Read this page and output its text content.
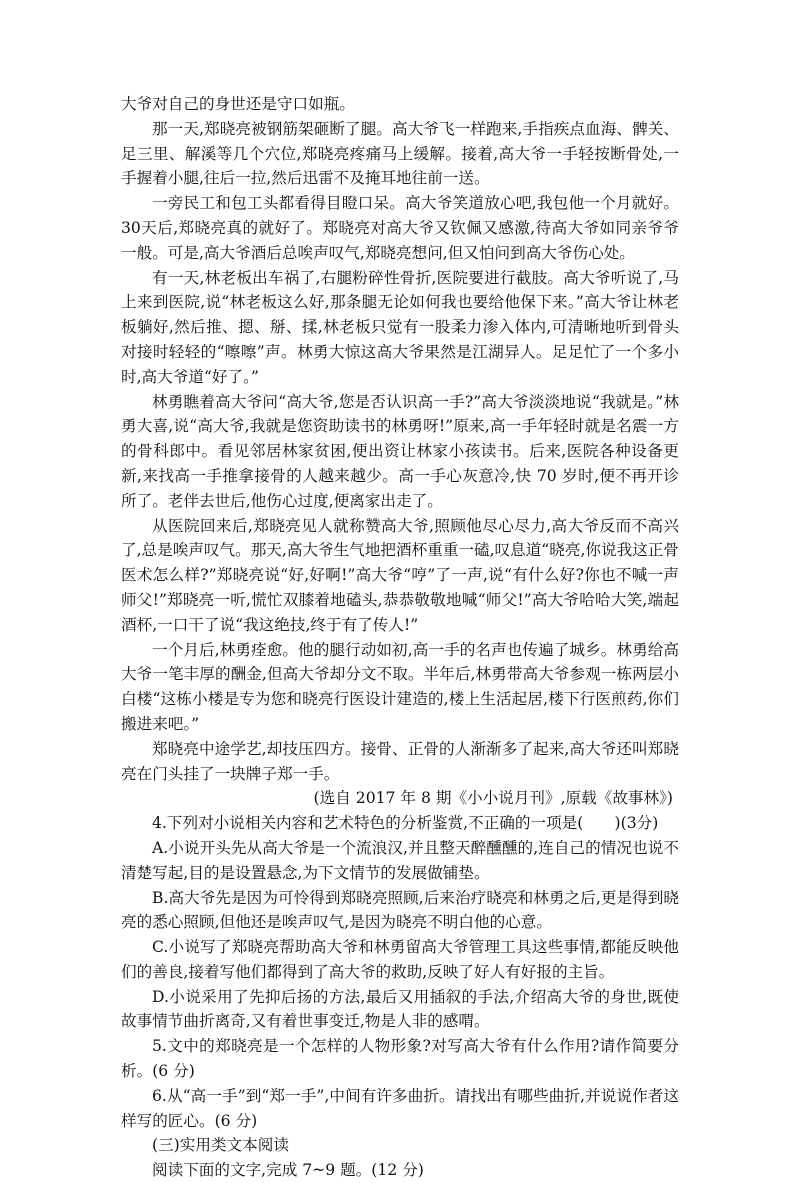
大爷对自己的身世还是守口如瓶。

那一天,郑晓亮被钢筋架砸断了腿。高大爷飞一样跑来,手指疾点血海、髀关、足三里、解溪等几个穴位,郑晓亮疼痛马上缓解。接着,高大爷一手轻按断骨处,一手握着小腿,往后一拉,然后迅雷不及掩耳地往前一送。

一旁民工和包工头都看得目瞪口呆。高大爷笑道放心吧,我包他一个月就好。30天后,郑晓亮真的就好了。郑晓亮对高大爷又钦佩又感激,待高大爷如同亲爷爷一般。可是,高大爷酒后总唉声叹气,郑晓亮想问,但又怕问到高大爷伤心处。

有一天,林老板出车祸了,右腿粉碎性骨折,医院要进行截肢。高大爷听说了,马上来到医院,说“林老板这么好,那条腿无论如何我也要给他保下来。”高大爷让林老板躺好,然后推、摁、掰、揉,林老板只觉有一股柔力渗入体内,可清晰地听到骨头对接时轻轻的“嚓嚓”声。林勇大惊这高大爷果然是江湖异人。足足忙了一个多小时,高大爷道“好了。”

林勇瞧着高大爷问“高大爷,您是否认识高一手?”高大爷淡淡地说“我就是。”林勇大喜,说“高大爷,我就是您资助读书的林勇呀!”原来,高一手年轻时就是名震一方的骨科郎中。看见邻居林家贫困,便出资让林家小孩读书。后来,医院各种设备更新,来找高一手推拿接骨的人越来越少。高一手心灰意冷,快 70 岁时,便不再开诊所了。老伴去世后,他伤心过度,便离家出走了。

从医院回来后,郑晓亮见人就称赞高大爷,照顾他尽心尽力,高大爷反而不高兴了,总是唉声叹气。那天,高大爷生气地把酒杯重重一磕,叹息道“晓亮,你说我这正骨医术怎么样?”郑晓亮说“好,好啊!”高大爷“哼”了一声,说“有什么好?你也不喊一声师父!”郑晓亮一听,慌忙双膝着地磕头,恭恭敬敬地喊“师父!”高大爷哈哈大笑,端起酒杯,一口干了说“我这绝技,终于有了传人!”

一个月后,林勇痊愈。他的腿行动如初,高一手的名声也传遍了城乡。林勇给高大爷一笔丰厚的酬金,但高大爷却分文不取。半年后,林勇带高大爷参观一栋两层小白楼“这栋小楼是专为您和晓亮行医设计建造的,楼上生活起居,楼下行医煎药,你们搬进来吧。”

郑晓亮中途学艺,却技压四方。接骨、正骨的人渐渐多了起来,高大爷还叫郑晓亮在门头挂了一块牌子郑一手。

(选自 2017 年 8 期《小小说月刊》,原载《故事林》)

4.下列对小说相关内容和艺术特色的分析鉴赏,不正确的一项是(　　)(3分)

A.小说开头先从高大爷是一个流浪汉,并且整天醉醺醺的,连自己的情况也说不清楚写起,目的是设置悬念,为下文情节的发展做铺垫。

B.高大爷先是因为可怜得到郑晓亮照顾,后来治疗晓亮和林勇之后,更是得到晓亮的悉心照顾,但他还是唉声叹气,是因为晓亮不明白他的心意。

C.小说写了郑晓亮帮助高大爷和林勇留高大爷管理工具这些事情,都能反映他们的善良,接着写他们都得到了高大爷的救助,反映了好人有好报的主旨。

D.小说采用了先抑后扬的方法,最后又用插叙的手法,介绍高大爷的身世,既使故事情节曲折离奇,又有着世事变迁,物是人非的感喟。

5.文中的郑晓亮是一个怎样的人物形象?对写高大爷有什么作用?请作简要分析。(6 分)

6.从“高一手”到“郑一手”,中间有许多曲折。请找出有哪些曲折,并说说作者这样写的匠心。(6 分)

(三)实用类文本阅读

阅读下面的文字,完成 7~9 题。(12 分)
